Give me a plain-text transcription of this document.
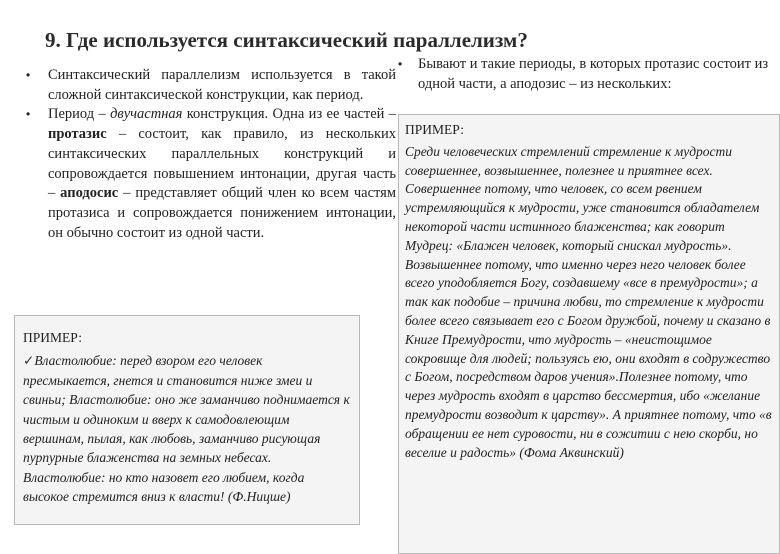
9. Где используется синтаксический параллелизм?
• Синтаксический параллелизм используется в такой сложной синтаксической конструкции, как период.
• Период – двучастная конструкция. Одна из ее частей – протазис – состоит, как правило, из нескольких синтаксических параллельных конструкций и сопровождается повышением интонации, другая часть – аподосис – представляет общий член ко всем частям протазиса и сопровождается понижением интонации, он обычно состоит из одной части.
ПРИМЕР:
✓Властолюбие: перед взором его человек пресмыкается, гнется и становится ниже змеи и свиньи; Властолюбие: оно же заманчиво поднимается к чистым и одиноким и вверх к самодовлеющим вершинам, пылая, как любовь, заманчиво рисующая пурпурные блаженства на земных небесах. Властолюбие: но кто назовет его любием, когда высокое стремится вниз к власти! (Ф.Ницше)
•	Бывают и такие периоды, в которых протазис состоит из одной части, а аподозис – из нескольких:
ПРИМЕР:
Среди человеческих стремлений стремление к мудрости совершеннее, возвышеннее, полезнее и приятнее всех. Совершеннее потому, что человек, со всем рвением устремляющийся к мудрости, уже становится обладателем некоторой части истинного блаженства; как говорит Мудрец: «Блажен человек, который снискал мудрость». Возвышеннее потому, что именно через него человек более всего уподобляется Богу, создавшему «все в премудрости»; а так как подобие – причина любви, то стремление к мудрости более всего связывает его с Богом дружбой, почему и сказано в Книге Премудрости, что мудрость – «неистощимое сокровище для людей; пользуясь ею, они входят в содружество с Богом, посредством даров учения».Полезнее потому, что через мудрость входят в царство бессмертия, ибо «желание премудрости возводит к царству». А приятнее потому, что «в обращении ее нет суровости, ни в сожитии с нею скорби, но веселие и радость» (Фома Аквинский)
